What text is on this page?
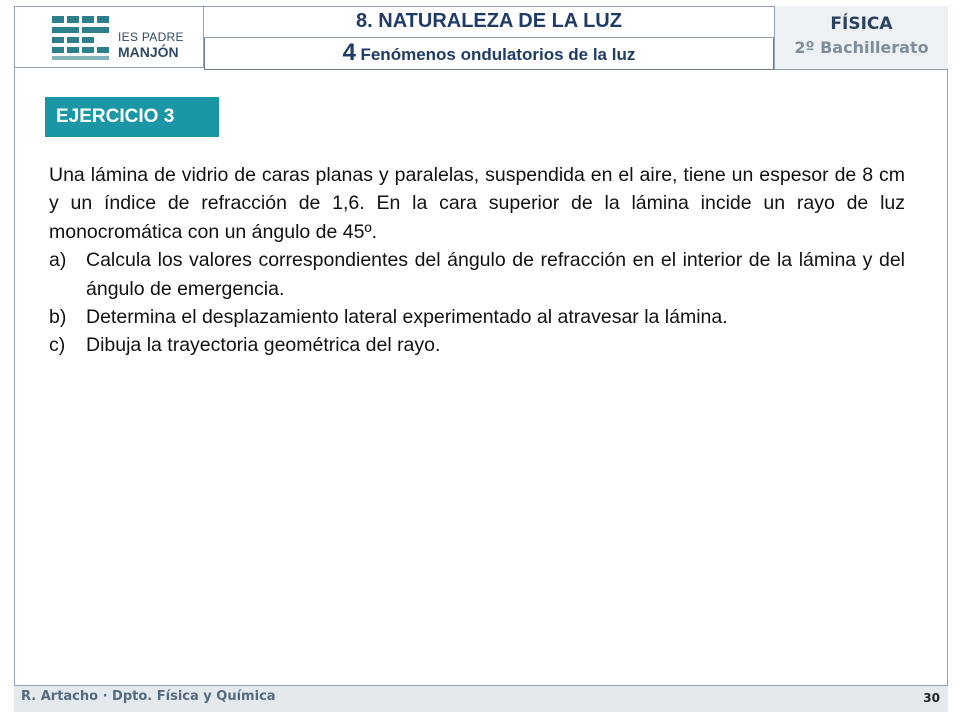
IES PADRE
MANJÓN
8. NATURALEZA DE LA LUZ
4 Fenómenos ondulatorios de la luz
FÍSICA
2º Bachillerato
EJERCICIO 3

Una lámina de vidrio de caras planas y paralelas, suspendida en el aire, tiene un espesor de 8 cm y un índice de refracción de 1,6. En la cara superior de la lámina incide un rayo de luz monocromática con un ángulo de 45º.

a)	Calcula los valores correspondientes del ángulo de refracción en el interior de la lámina y del ángulo de emergencia.
b)	Determina el desplazamiento lateral experimentado al atravesar la lámina.
c)	Dibuja la trayectoria geométrica del rayo.
R. Artacho · Dpto. Física y Química	30
